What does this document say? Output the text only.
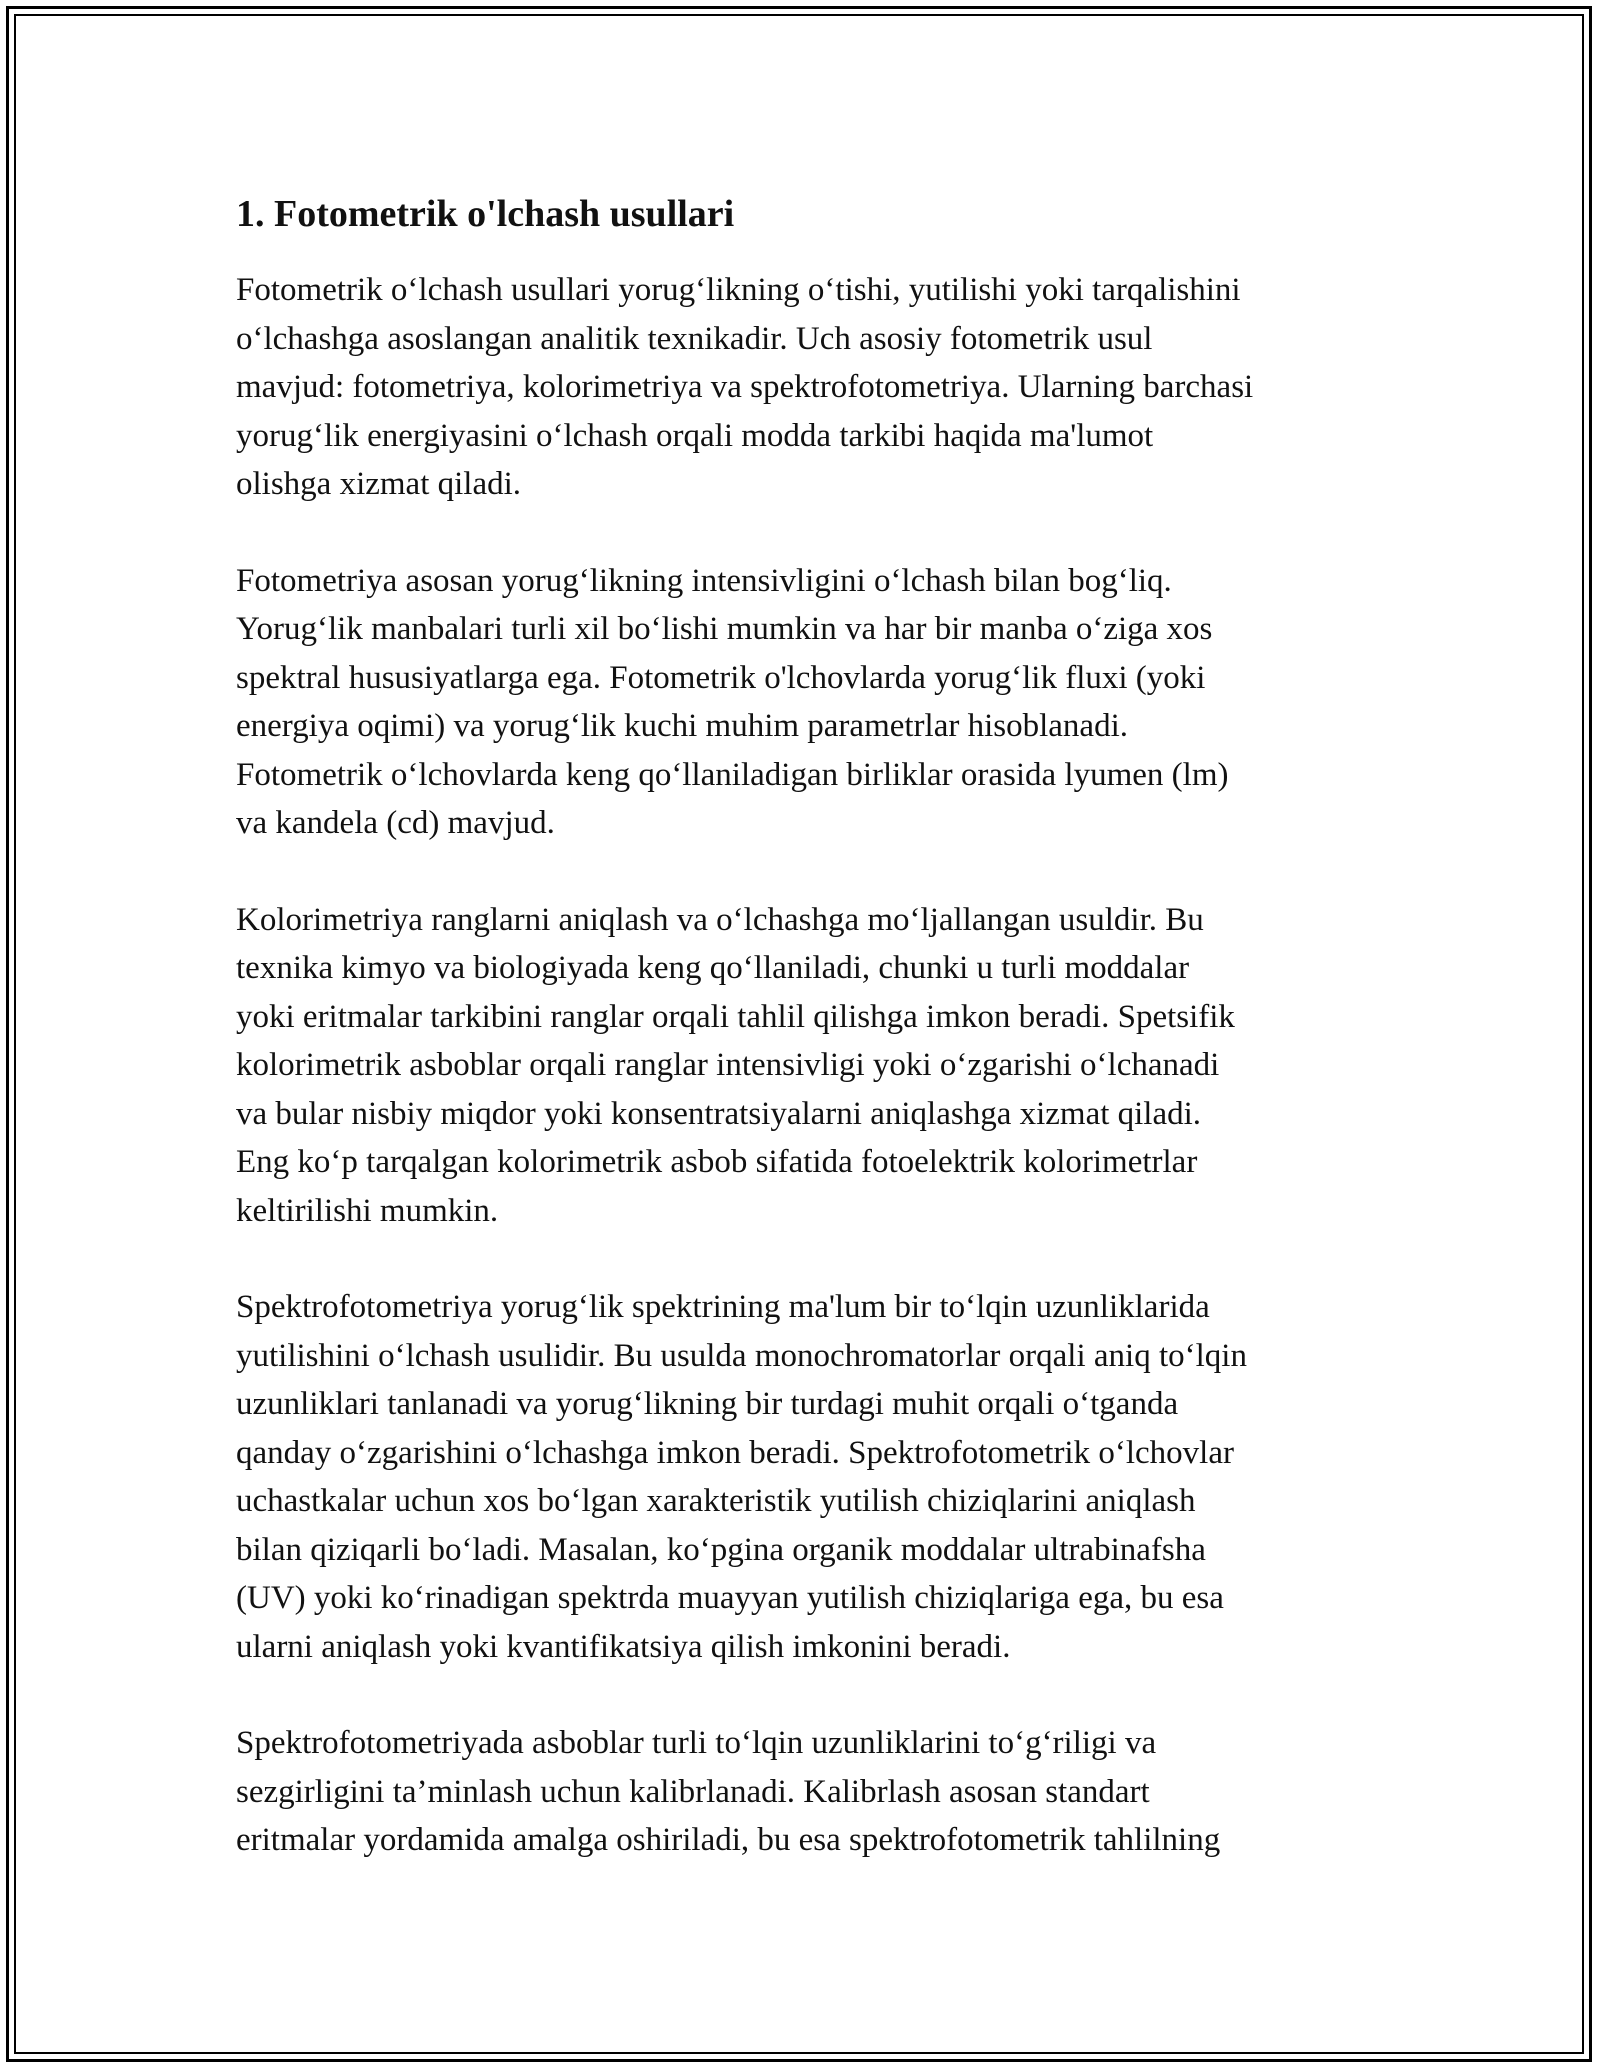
1. Fotometrik o'lchash usullari

Fotometrik o‘lchash usullari yorug‘likning o‘tishi, yutilishi yoki tarqalishini
o‘lchashga asoslangan analitik texnikadir. Uch asosiy fotometrik usul
mavjud: fotometriya, kolorimetriya va spektrofotometriya. Ularning barchasi
yorug‘lik energiyasini o‘lchash orqali modda tarkibi haqida ma'lumot
olishga xizmat qiladi.

Fotometriya asosan yorug‘likning intensivligini o‘lchash bilan bog‘liq.
Yorug‘lik manbalari turli xil bo‘lishi mumkin va har bir manba o‘ziga xos
spektral hususiyatlarga ega. Fotometrik o'lchovlarda yorug‘lik fluxi (yoki
energiya oqimi) va yorug‘lik kuchi muhim parametrlar hisoblanadi.
Fotometrik o‘lchovlarda keng qo‘llaniladigan birliklar orasida lyumen (lm)
va kandela (cd) mavjud.

Kolorimetriya ranglarni aniqlash va o‘lchashga mo‘ljallangan usuldir. Bu
texnika kimyo va biologiyada keng qo‘llaniladi, chunki u turli moddalar
yoki eritmalar tarkibini ranglar orqali tahlil qilishga imkon beradi. Spetsifik
kolorimetrik asboblar orqali ranglar intensivligi yoki o‘zgarishi o‘lchanadi
va bular nisbiy miqdor yoki konsentratsiyalarni aniqlashga xizmat qiladi.
Eng ko‘p tarqalgan kolorimetrik asbob sifatida fotoelektrik kolorimetrlar
keltirilishi mumkin.

Spektrofotometriya yorug‘lik spektrining ma'lum bir to‘lqin uzunliklarida
yutilishini o‘lchash usulidir. Bu usulda monochromatorlar orqali aniq to‘lqin
uzunliklari tanlanadi va yorug‘likning bir turdagi muhit orqali o‘tganda
qanday o‘zgarishini o‘lchashga imkon beradi. Spektrofotometrik o‘lchovlar
uchastkalar uchun xos bo‘lgan xarakteristik yutilish chiziqlarini aniqlash
bilan qiziqarli bo‘ladi. Masalan, ko‘pgina organik moddalar ultrabinafsha
(UV) yoki ko‘rinadigan spektrda muayyan yutilish chiziqlariga ega, bu esa
ularni aniqlash yoki kvantifikatsiya qilish imkonini beradi.

Spektrofotometriyada asboblar turli to‘lqin uzunliklarini to‘g‘riligi va
sezgirligini ta’minlash uchun kalibrlanadi. Kalibrlash asosan standart
eritmalar yordamida amalga oshiriladi, bu esa spektrofotometrik tahlilning
